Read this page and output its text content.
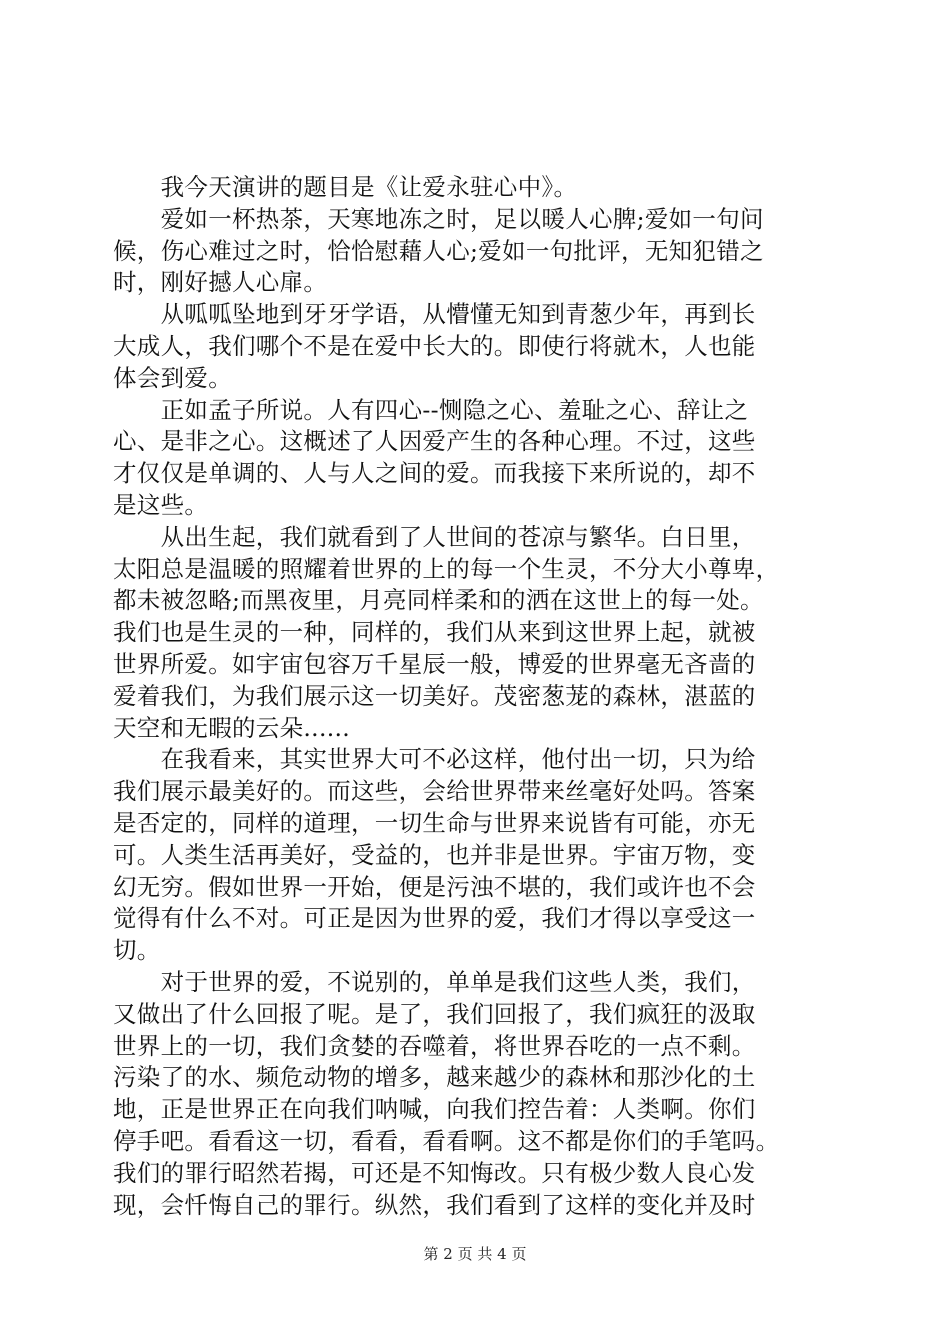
　　我今天演讲的题目是《让爱永驻心中》。
　　爱如一杯热茶，天寒地冻之时，足以暖人心脾;爱如一句问
候，伤心难过之时，恰恰慰藉人心;爱如一句批评，无知犯错之
时，刚好撼人心扉。
　　从呱呱坠地到牙牙学语，从懵懂无知到青葱少年，再到长
大成人，我们哪个不是在爱中长大的。即使行将就木，人也能
体会到爱。
　　正如孟子所说。人有四心--恻隐之心、羞耻之心、辞让之
心、是非之心。这概述了人因爱产生的各种心理。不过，这些
才仅仅是单调的、人与人之间的爱。而我接下来所说的，却不
是这些。
　　从出生起，我们就看到了人世间的苍凉与繁华。白日里，
太阳总是温暖的照耀着世界的上的每一个生灵，不分大小尊卑，
都未被忽略;而黑夜里，月亮同样柔和的洒在这世上的每一处。
我们也是生灵的一种，同样的，我们从来到这世界上起，就被
世界所爱。如宇宙包容万千星辰一般，博爱的世界毫无吝啬的
爱着我们，为我们展示这一切美好。茂密葱茏的森林，湛蓝的
天空和无暇的云朵......
　　在我看来，其实世界大可不必这样，他付出一切，只为给
我们展示最美好的。而这些，会给世界带来丝毫好处吗。答案
是否定的，同样的道理，一切生命与世界来说皆有可能，亦无
可。人类生活再美好，受益的，也并非是世界。宇宙万物，变
幻无穷。假如世界一开始，便是污浊不堪的，我们或许也不会
觉得有什么不对。可正是因为世界的爱，我们才得以享受这一
切。
　　对于世界的爱，不说别的，单单是我们这些人类，我们，
又做出了什么回报了呢。是了，我们回报了，我们疯狂的汲取
世界上的一切，我们贪婪的吞噬着，将世界吞吃的一点不剩。
污染了的水、频危动物的增多，越来越少的森林和那沙化的土
地，正是世界正在向我们呐喊，向我们控告着：人类啊。你们
停手吧。看看这一切，看看，看看啊。这不都是你们的手笔吗。
我们的罪行昭然若揭，可还是不知悔改。只有极少数人良心发
现，会忏悔自己的罪行。纵然，我们看到了这样的变化并及时
第 2 页 共 4 页
